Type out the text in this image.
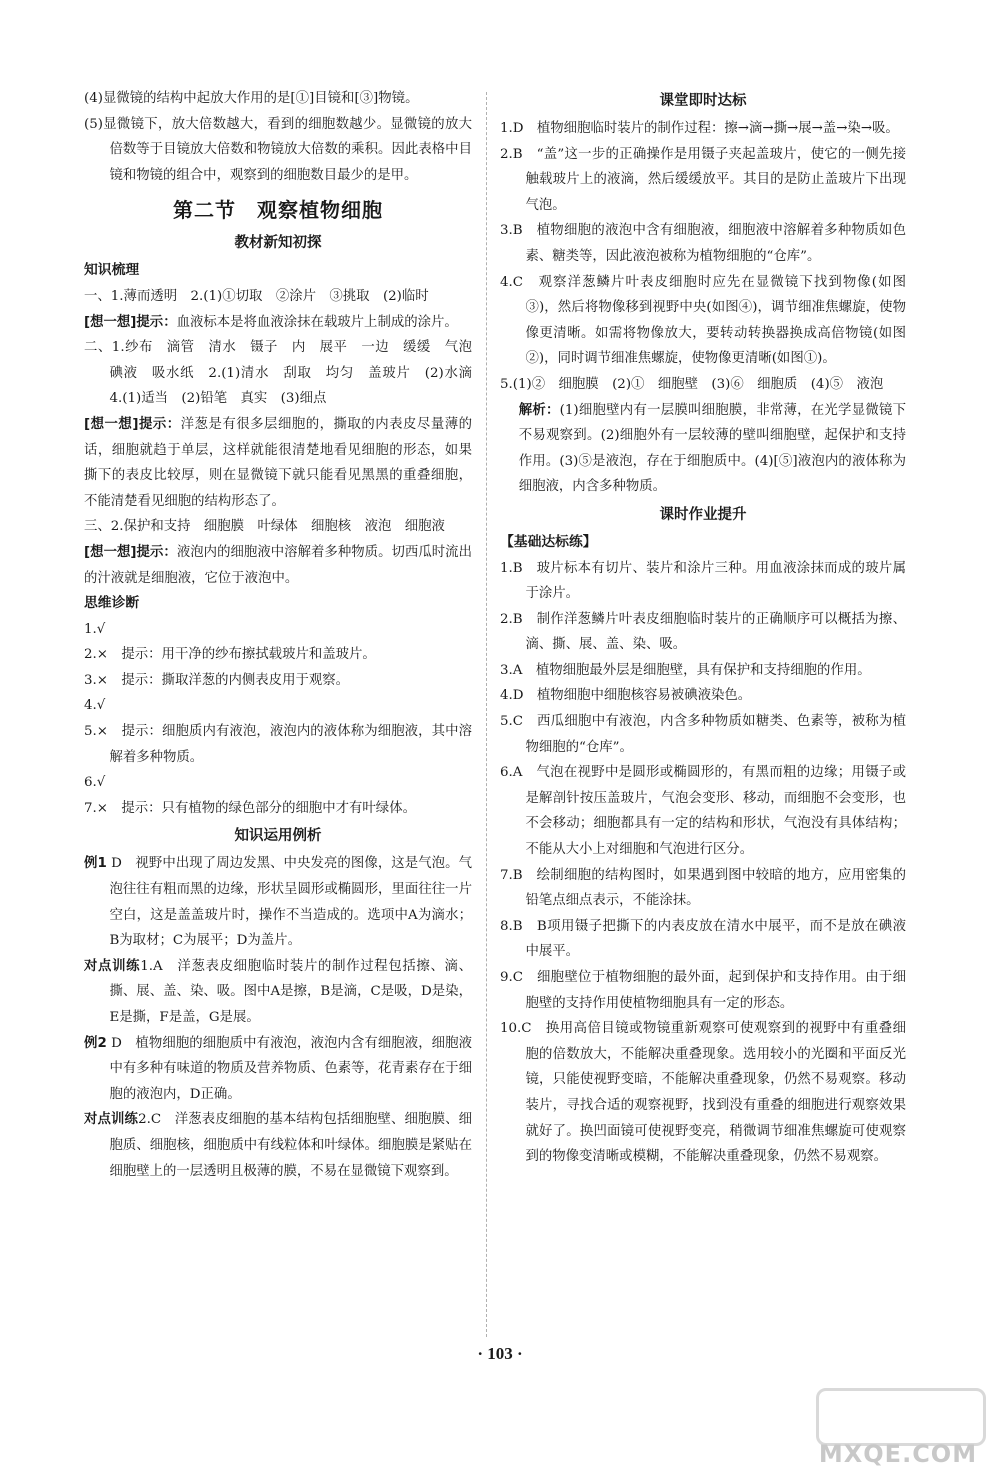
(4)显微镜的结构中起放大作用的是[①]目镜和[③]物镜。

(5)显微镜下，放大倍数越大，看到的细胞数越少。显微镜的放大倍数等于目镜放大倍数和物镜放大倍数的乘积。因此表格中目镜和物镜的组合中，观察到的细胞数目最少的是甲。

第二节　观察植物细胞
教材新知初探
知识梳理

一、1.薄而透明　2.(1)①切取　②涂片　③挑取　(2)临时

[想一想]提示：血液标本是将血液涂抹在载玻片上制成的涂片。

二、1.纱布　滴管　清水　镊子　内　展平　一边　缓缓　气泡　碘液　吸水纸　2.(1)清水　刮取　均匀　盖玻片　(2)水滴　4.(1)适当　(2)铅笔　真实　(3)细点

[想一想]提示：洋葱是有很多层细胞的，撕取的内表皮尽量薄的话，细胞就趋于单层，这样就能很清楚地看见细胞的形态，如果撕下的表皮比较厚，则在显微镜下就只能看见黑黑的重叠细胞，不能清楚看见细胞的结构形态了。

三、2.保护和支持　细胞膜　叶绿体　细胞核　液泡　细胞液

[想一想]提示：液泡内的细胞液中溶解着多种物质。切西瓜时流出的汁液就是细胞液，它位于液泡中。

思维诊断

1.√

2.×　提示：用干净的纱布擦拭载玻片和盖玻片。

3.×　提示：撕取洋葱的内侧表皮用于观察。

4.√

5.×　提示：细胞质内有液泡，液泡内的液体称为细胞液，其中溶解着多种物质。

6.√

7.×　提示：只有植物的绿色部分的细胞中才有叶绿体。

知识运用例析

例1 D　视野中出现了周边发黑、中央发亮的图像，这是气泡。气泡往往有粗而黑的边缘，形状呈圆形或椭圆形，里面往往一片空白，这是盖盖玻片时，操作不当造成的。选项中A为滴水；B为取材；C为展平；D为盖片。

对点训练1.A　洋葱表皮细胞临时装片的制作过程包括擦、滴、撕、展、盖、染、吸。图中A是擦，B是滴，C是吸，D是染，E是撕，F是盖，G是展。

例2 D　植物细胞的细胞质中有液泡，液泡内含有细胞液，细胞液中有多种有味道的物质及营养物质、色素等，花青素存在于细胞的液泡内，D正确。

对点训练2.C　洋葱表皮细胞的基本结构包括细胞壁、细胞膜、细胞质、细胞核，细胞质中有线粒体和叶绿体。细胞膜是紧贴在细胞壁上的一层透明且极薄的膜，不易在显微镜下观察到。

课堂即时达标

1.D　植物细胞临时装片的制作过程：擦→滴→撕→展→盖→染→吸。

2.B　“盖”这一步的正确操作是用镊子夹起盖玻片，使它的一侧先接触载玻片上的液滴，然后缓缓放平。其目的是防止盖玻片下出现气泡。

3.B　植物细胞的液泡中含有细胞液，细胞液中溶解着多种物质如色素、糖类等，因此液泡被称为植物细胞的“仓库”。

4.C　观察洋葱鳞片叶表皮细胞时应先在显微镜下找到物像(如图③)，然后将物像移到视野中央(如图④)，调节细准焦螺旋，使物像更清晰。如需将物像放大，要转动转换器换成高倍物镜(如图②)，同时调节细准焦螺旋，使物像更清晰(如图①)。

5.(1)②　细胞膜　(2)①　细胞壁　(3)⑥　细胞质　(4)⑤　液泡

解析：(1)细胞壁内有一层膜叫细胞膜，非常薄，在光学显微镜下不易观察到。(2)细胞外有一层较薄的壁叫细胞壁，起保护和支持作用。(3)⑤是液泡，存在于细胞质中。(4)[⑤]液泡内的液体称为细胞液，内含多种物质。

课时作业提升
【基础达标练】

1.B　玻片标本有切片、装片和涂片三种。用血液涂抹而成的玻片属于涂片。

2.B　制作洋葱鳞片叶表皮细胞临时装片的正确顺序可以概括为擦、滴、撕、展、盖、染、吸。

3.A　植物细胞最外层是细胞壁，具有保护和支持细胞的作用。

4.D　植物细胞中细胞核容易被碘液染色。

5.C　西瓜细胞中有液泡，内含多种物质如糖类、色素等，被称为植物细胞的“仓库”。

6.A　气泡在视野中是圆形或椭圆形的，有黑而粗的边缘；用镊子或是解剖针按压盖玻片，气泡会变形、移动，而细胞不会变形，也不会移动；细胞都具有一定的结构和形状，气泡没有具体结构；不能从大小上对细胞和气泡进行区分。

7.B　绘制细胞的结构图时，如果遇到图中较暗的地方，应用密集的铅笔点细点表示，不能涂抹。

8.B　B项用镊子把撕下的内表皮放在清水中展平，而不是放在碘液中展平。

9.C　细胞壁位于植物细胞的最外面，起到保护和支持作用。由于细胞壁的支持作用使植物细胞具有一定的形态。

10.C　换用高倍目镜或物镜重新观察可使观察到的视野中有重叠细胞的倍数放大，不能解决重叠现象。选用较小的光圈和平面反光镜，只能使视野变暗，不能解决重叠现象，仍然不易观察。移动装片，寻找合适的观察视野，找到没有重叠的细胞进行观察效果就好了。换凹面镜可使视野变亮，稍微调节细准焦螺旋可使观察到的物像变清晰或模糊，不能解决重叠现象，仍然不易观察。

· 103 ·
MXQE.COM
